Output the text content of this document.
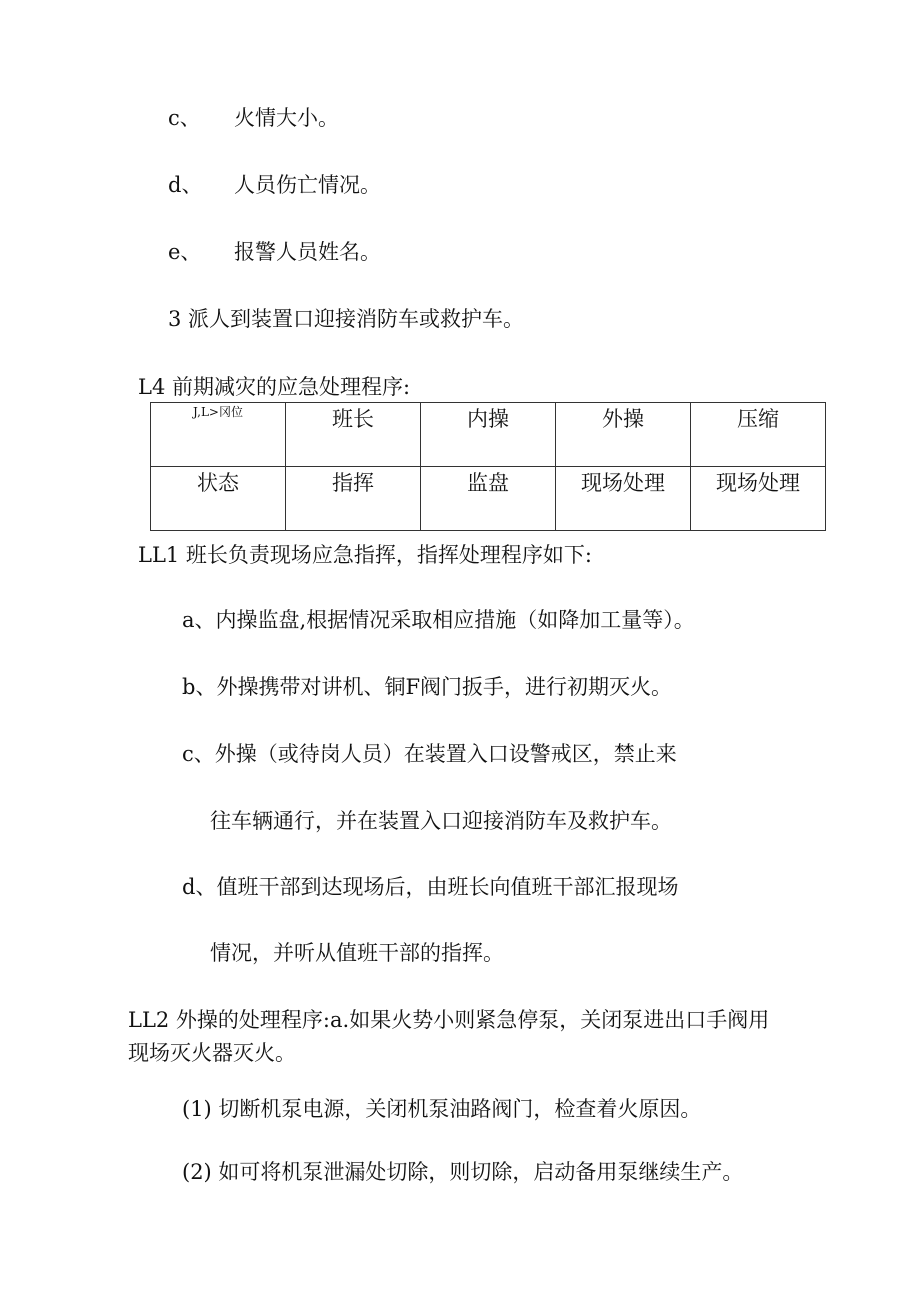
c、 火情大小。
d、 人员伤亡情况。
e、 报警人员姓名。
3 派人到装置口迎接消防车或救护车。
L4 前期减灾的应急处理程序:
J,L>冈位	班长	内操	外操	压缩
状态	指挥	监盘	现场处理	现场处理
LL1 班长负责现场应急指挥，指挥处理程序如下:
a、内操监盘,根据情况采取相应措施（如降加工量等）。
b、外操携带对讲机、铜F阀门扳手，进行初期灭火。
c、外操（或待岗人员）在装置入口设警戒区，禁止来
往车辆通行，并在装置入口迎接消防车及救护车。
d、值班干部到达现场后，由班长向值班干部汇报现场
情况，并听从值班干部的指挥。
LL2 外操的处理程序:a.如果火势小则紧急停泵，关闭泵进出口手阀用
现场灭火器灭火。
(1) 切断机泵电源，关闭机泵油路阀门，检查着火原因。
(2) 如可将机泵泄漏处切除，则切除，启动备用泵继续生产。
